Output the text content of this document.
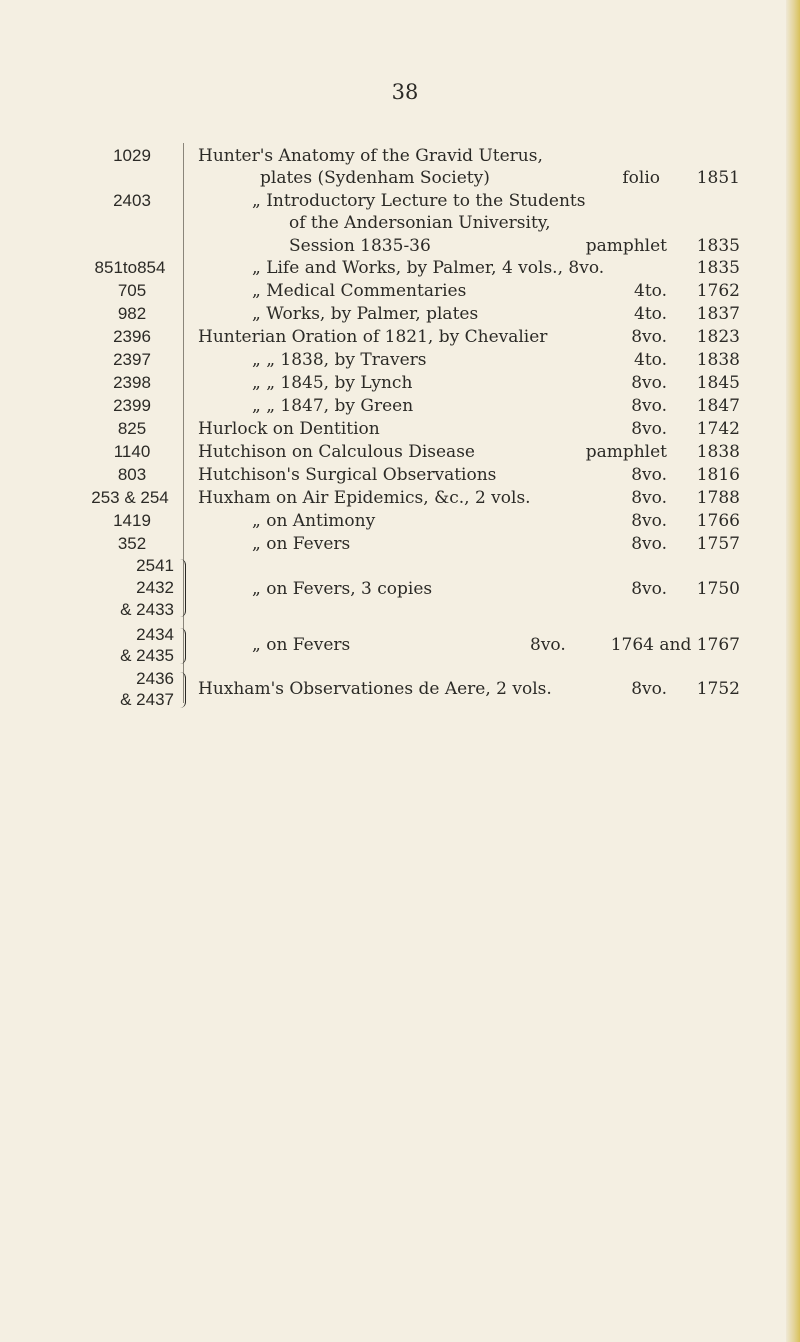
38
1029	Hunter's Anatomy of the Gravid Uterus,
plates (Sydenham Society)	folio	1851
2403	„ Introductory Lecture to the Students
of the Andersonian University,
Session 1835-36	pamphlet	1835
851to854	„ Life and Works, by Palmer, 4 vols., 8vo.	1835
705	„ Medical Commentaries	4to.	1762
982	„ Works, by Palmer, plates	4to.	1837
2396	Hunterian Oration of 1821, by Chevalier	8vo.	1823
2397	„ „ 1838, by Travers	4to.	1838
2398	„ „ 1845, by Lynch	8vo.	1845
2399	„ „ 1847, by Green	8vo.	1847
825	Hurlock on Dentition	8vo.	1742
1140	Hutchison on Calculous Disease	pamphlet	1838
803	Hutchison's Surgical Observations	8vo.	1816
253 & 254	Huxham on Air Epidemics, &c., 2 vols.	8vo.	1788
1419	„ on Antimony	8vo.	1766
352	„ on Fevers	8vo.	1757
2541
2432
& 2433
„ on Fevers, 3 copies	8vo.	1750
2434
& 2435
„ on Fevers	8vo.	1764 and 1767
2436
& 2437
Huxham's Observationes de Aere, 2 vols.	8vo.	1752
